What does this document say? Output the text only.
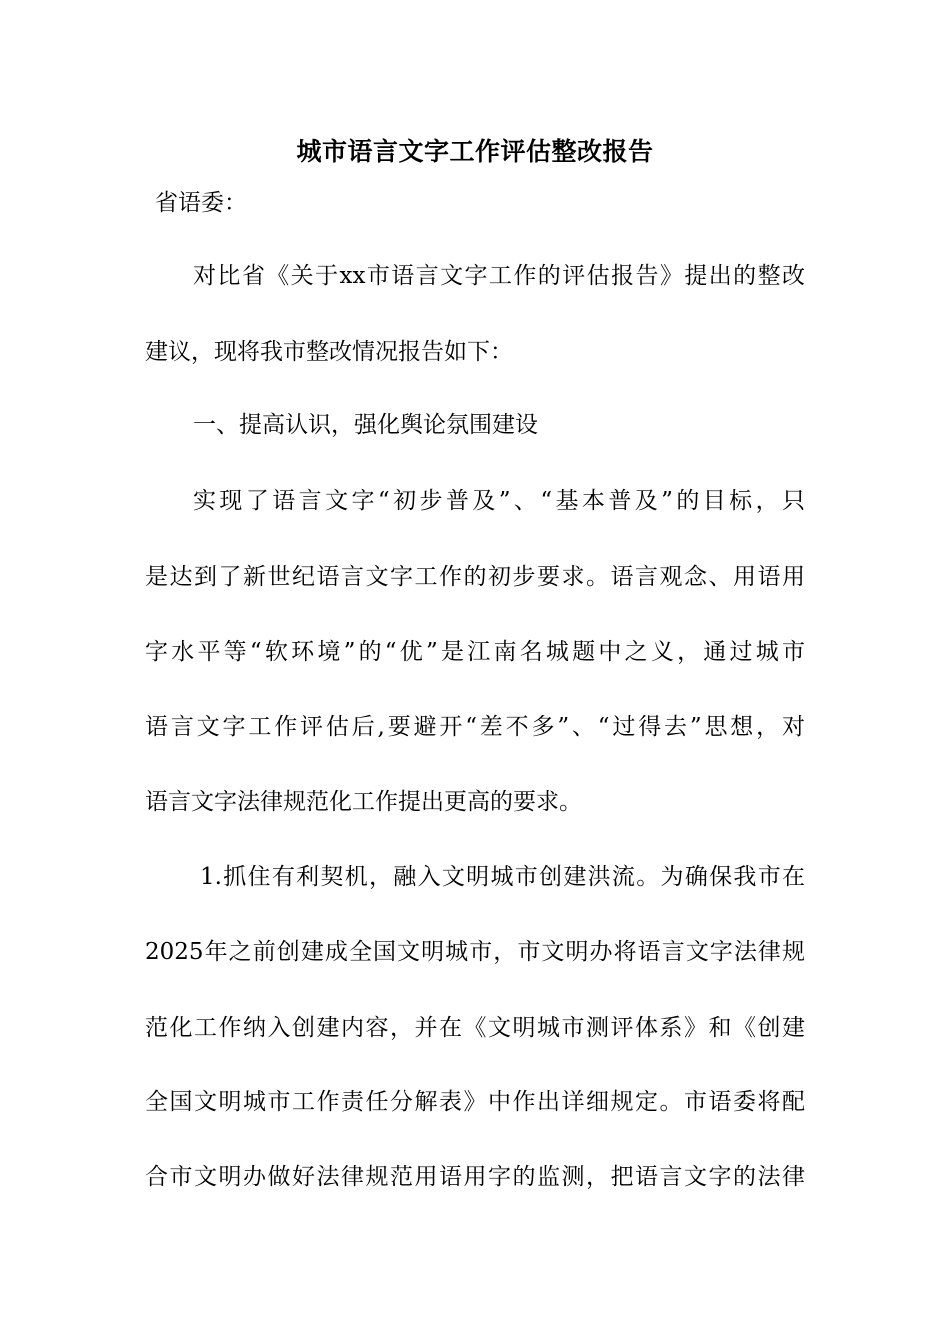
城市语言文字工作评估整改报告
省语委：
对比省《关于xx市语言文字工作的评估报告》提出的整改
建议，现将我市整改情况报告如下：
一、提高认识，强化舆论氛围建设
实现了语言文字“初步普及”、“基本普及”的目标，只
是达到了新世纪语言文字工作的初步要求。语言观念、用语用
字水平等“软环境”的“优”是江南名城题中之义，通过城市
语言文字工作评估后,要避开“差不多”、“过得去”思想，对
语言文字法律规范化工作提出更高的要求。
1.抓住有利契机，融入文明城市创建洪流。为确保我市在
2025年之前创建成全国文明城市，市文明办将语言文字法律规
范化工作纳入创建内容，并在《文明城市测评体系》和《创建
全国文明城市工作责任分解表》中作出详细规定。市语委将配
合市文明办做好法律规范用语用字的监测，把语言文字的法律
